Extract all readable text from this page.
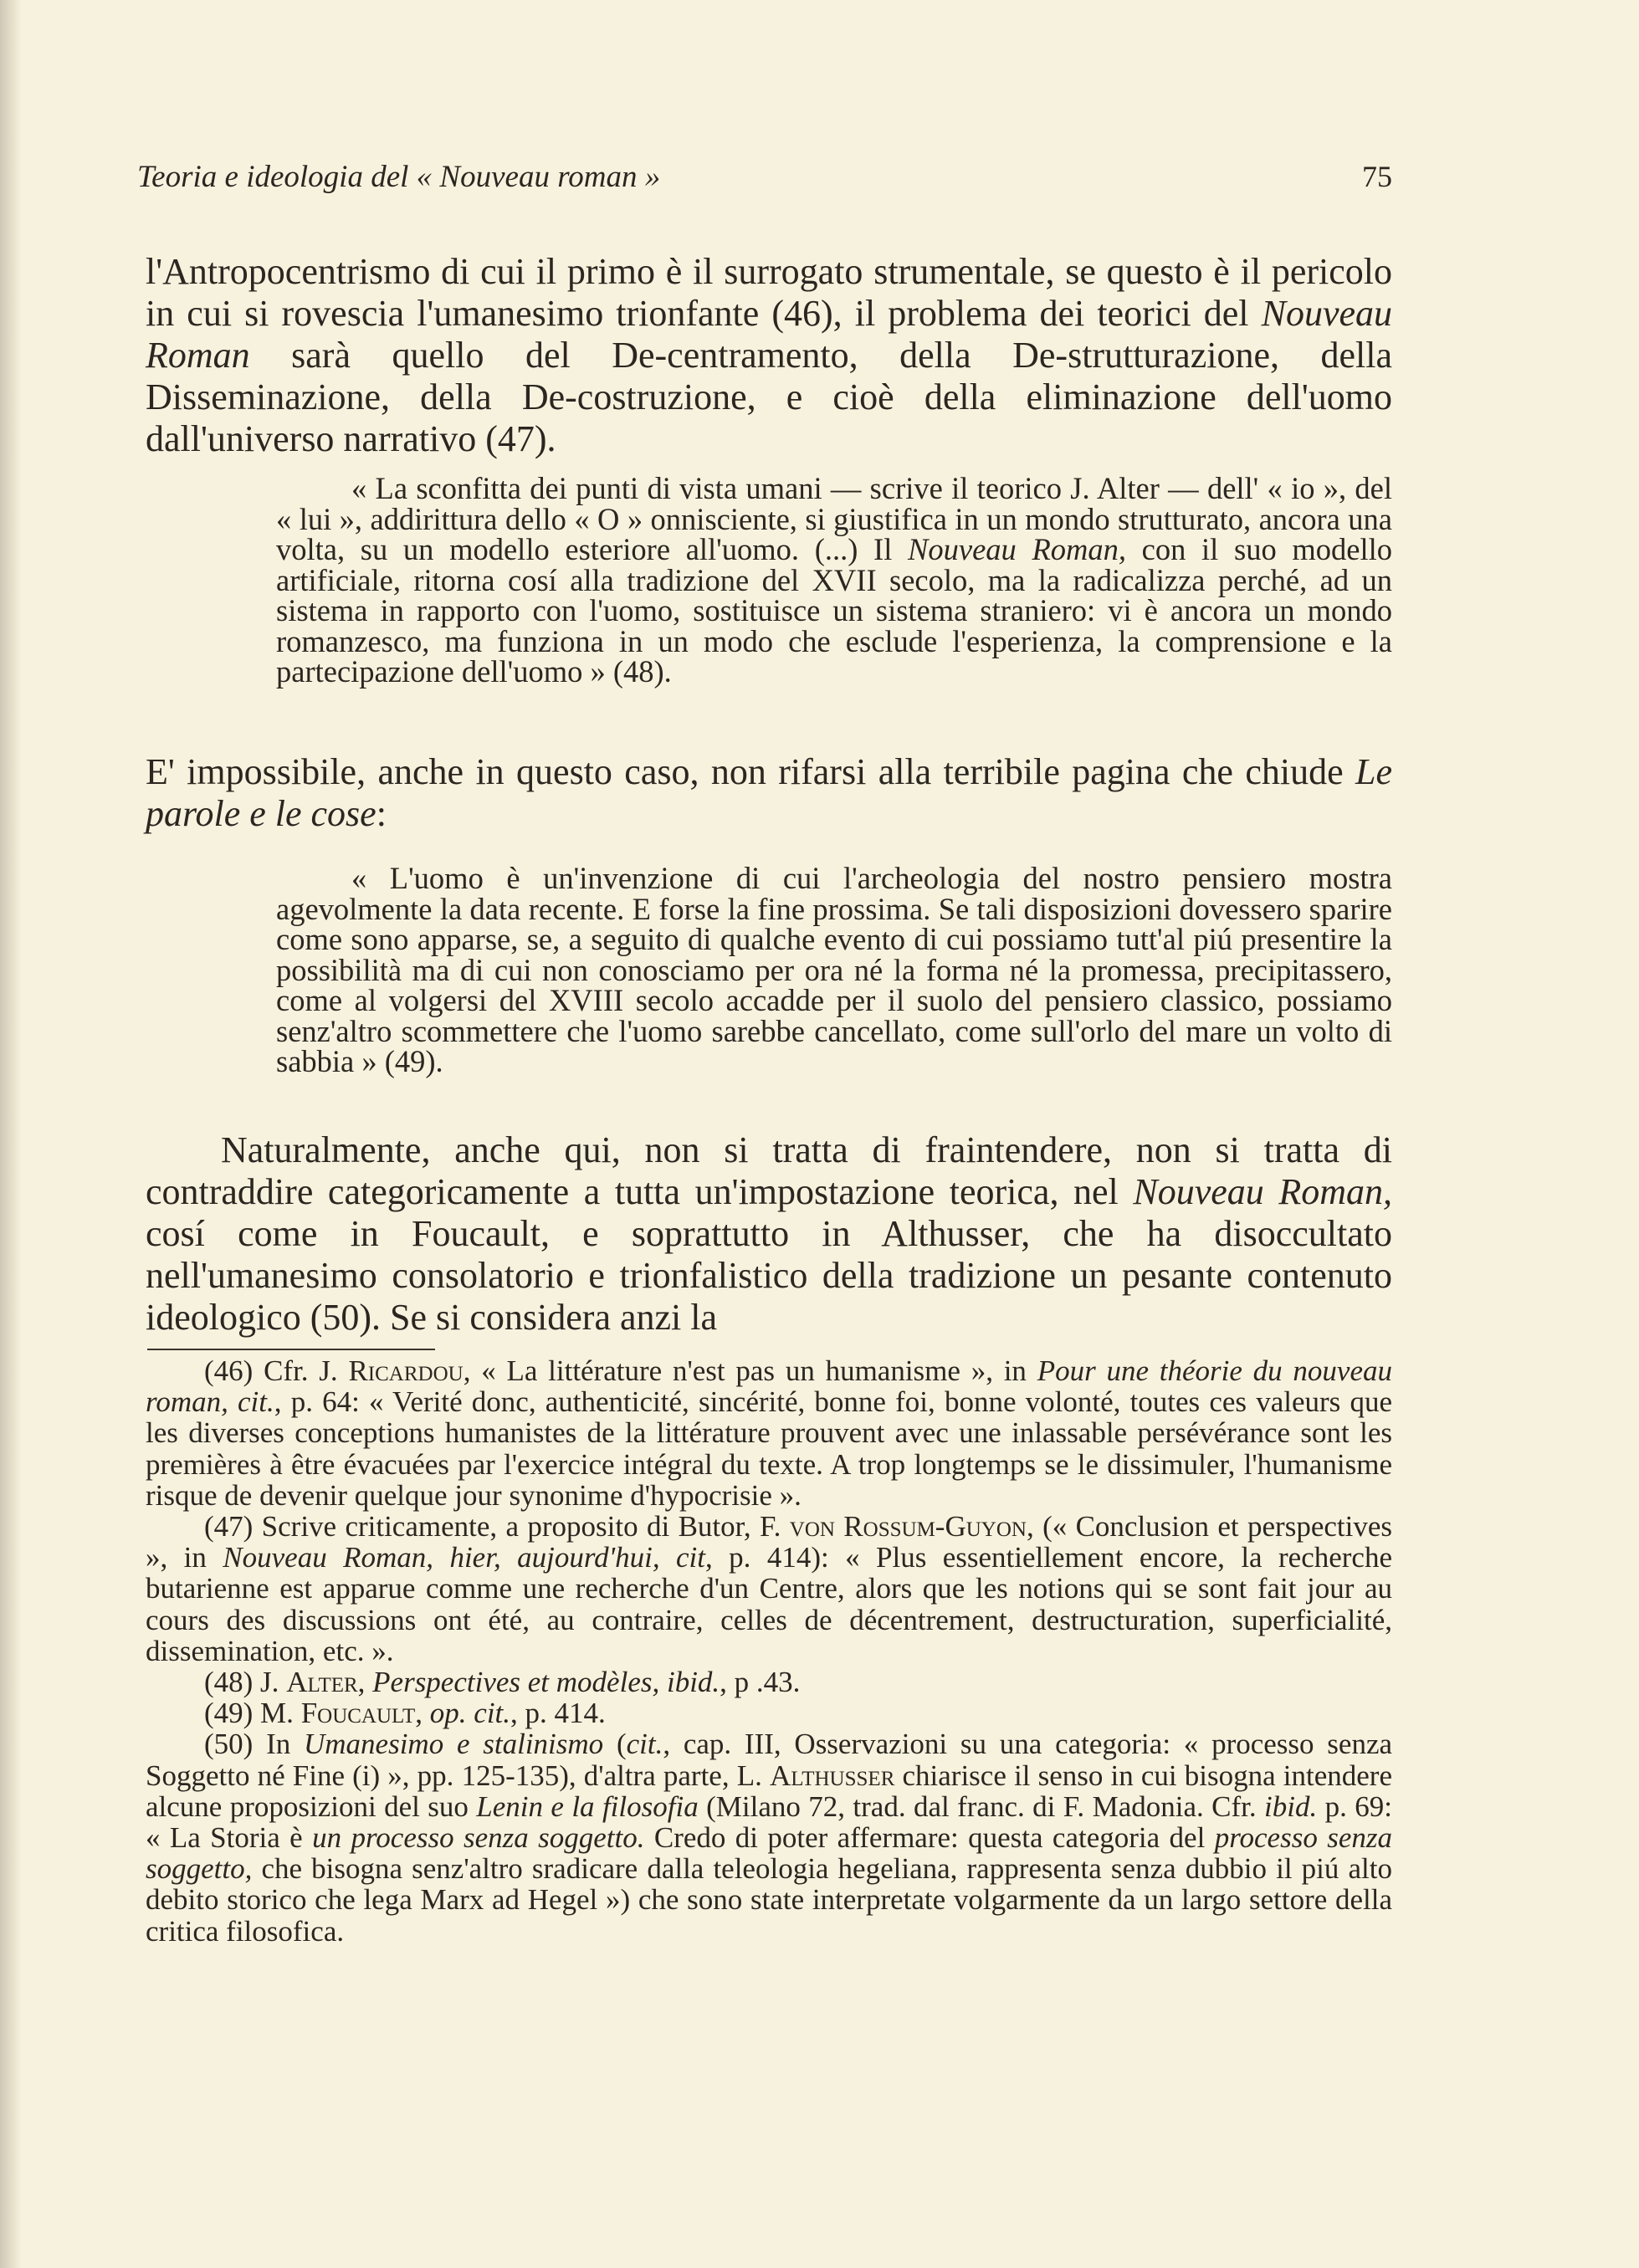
Teoria e ideologia del « Nouveau roman »	75

l'Antropocentrismo di cui il primo è il surrogato strumentale, se questo è il pericolo in cui si rovescia l'umanesimo trionfante (46), il problema dei teorici del Nouveau Roman sarà quello del De-centramento, della De-strutturazione, della Disseminazione, della De-costruzione, e cioè della eliminazione dell'uomo dall'universo narrativo (47).

« La sconfitta dei punti di vista umani — scrive il teorico J. Alter — dell' « io », del « lui », addirittura dello « O » onnisciente, si giustifica in un mondo strutturato, ancora una volta, su un modello esteriore all'uomo. (...) Il Nouveau Roman, con il suo modello artificiale, ritorna cosí alla tradizione del XVII secolo, ma la radicalizza perché, ad un sistema in rapporto con l'uomo, sostituisce un sistema straniero: vi è ancora un mondo romanzesco, ma funziona in un modo che esclude l'esperienza, la comprensione e la partecipazione dell'uomo » (48).

E' impossibile, anche in questo caso, non rifarsi alla terribile pagina che chiude Le parole e le cose:

« L'uomo è un'invenzione di cui l'archeologia del nostro pensiero mostra agevolmente la data recente. E forse la fine prossima. Se tali disposizioni dovessero sparire come sono apparse, se, a seguito di qualche evento di cui possiamo tutt'al piú presentire la possibilità ma di cui non conosciamo per ora né la forma né la promessa, precipitassero, come al volgersi del XVIII secolo accadde per il suolo del pensiero classico, possiamo senz'altro scommettere che l'uomo sarebbe cancellato, come sull'orlo del mare un volto di sabbia » (49).

Naturalmente, anche qui, non si tratta di fraintendere, non si tratta di contraddire categoricamente a tutta un'impostazione teorica, nel Nouveau Roman, cosí come in Foucault, e soprattutto in Althusser, che ha disoccultato nell'umanesimo consolatorio e trionfalistico della tradizione un pesante contenuto ideologico (50). Se si considera anzi la

(46) Cfr. J. Ricardou, « La littérature n'est pas un humanisme », in Pour une théorie du nouveau roman, cit., p. 64: « Verité donc, authenticité, sincérité, bonne foi, bonne volonté, toutes ces valeurs que les diverses conceptions humanistes de la littérature prouvent avec une inlassable persévérance sont les premières à être évacuées par l'exercice intégral du texte. A trop longtemps se le dissimuler, l'humanisme risque de devenir quelque jour synonime d'hypocrisie ».

(47) Scrive criticamente, a proposito di Butor, F. von Rossum-Guyon, (« Conclusion et perspectives », in Nouveau Roman, hier, aujourd'hui, cit, p. 414): « Plus essentiellement encore, la recherche butarienne est apparue comme une recherche d'un Centre, alors que les notions qui se sont fait jour au cours des discussions ont été, au contraire, celles de décentrement, destructuration, superficialité, dissemination, etc. ».

(48) J. Alter, Perspectives et modèles, ibid., p .43.

(49) M. Foucault, op. cit., p. 414.

(50) In Umanesimo e stalinismo (cit., cap. III, Osservazioni su una categoria: « processo senza Soggetto né Fine (i) », pp. 125-135), d'altra parte, L. Althusser chiarisce il senso in cui bisogna intendere alcune proposizioni del suo Lenin e la filosofia (Milano 72, trad. dal franc. di F. Madonia. Cfr. ibid. p. 69: « La Storia è un processo senza soggetto. Credo di poter affermare: questa categoria del processo senza soggetto, che bisogna senz'altro sradicare dalla teleologia hegeliana, rappresenta senza dubbio il piú alto debito storico che lega Marx ad Hegel ») che sono state interpretate volgarmente da un largo settore della critica filosofica.
